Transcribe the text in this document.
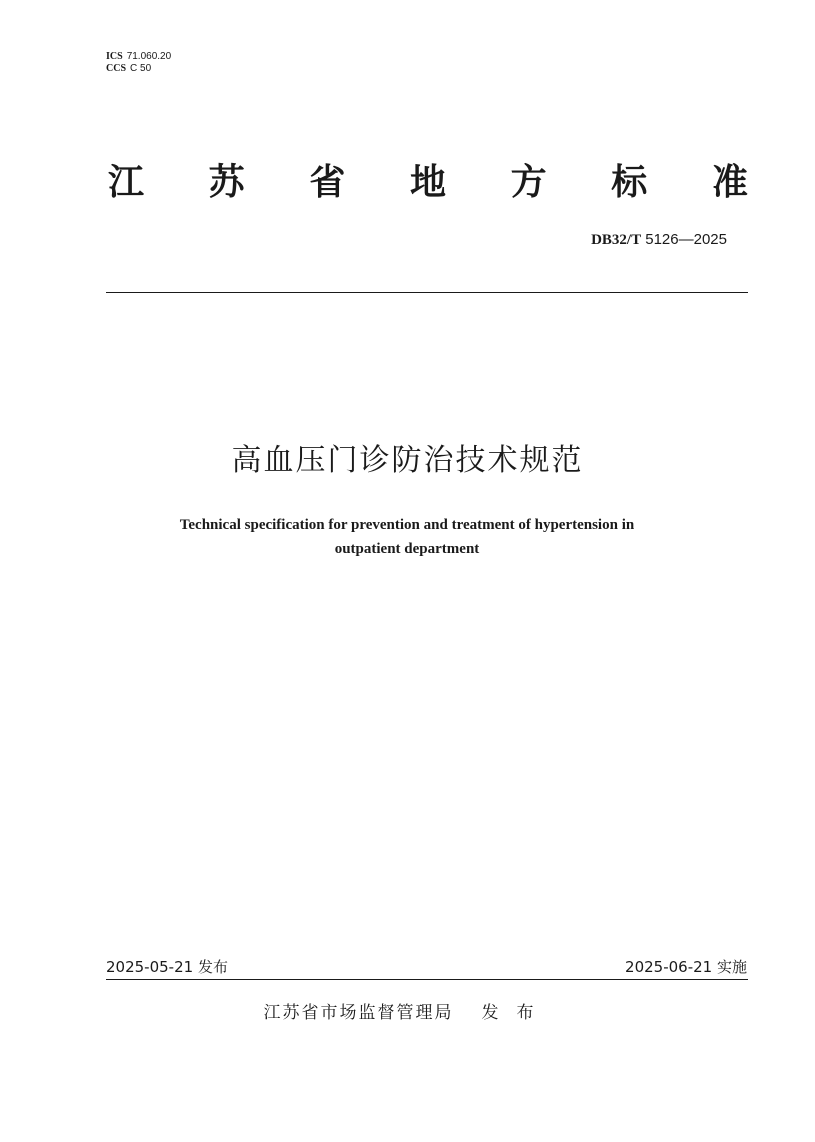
ICS 71.060.20
CCS C 50
江 苏 省 地 方 标 准
DB32/T 5126—2025
高血压门诊防治技术规范
Technical specification for prevention and treatment of hypertension in
outpatient department
2025-05-21 发布	2025-06-21 实施
江苏省市场监督管理局 发布
